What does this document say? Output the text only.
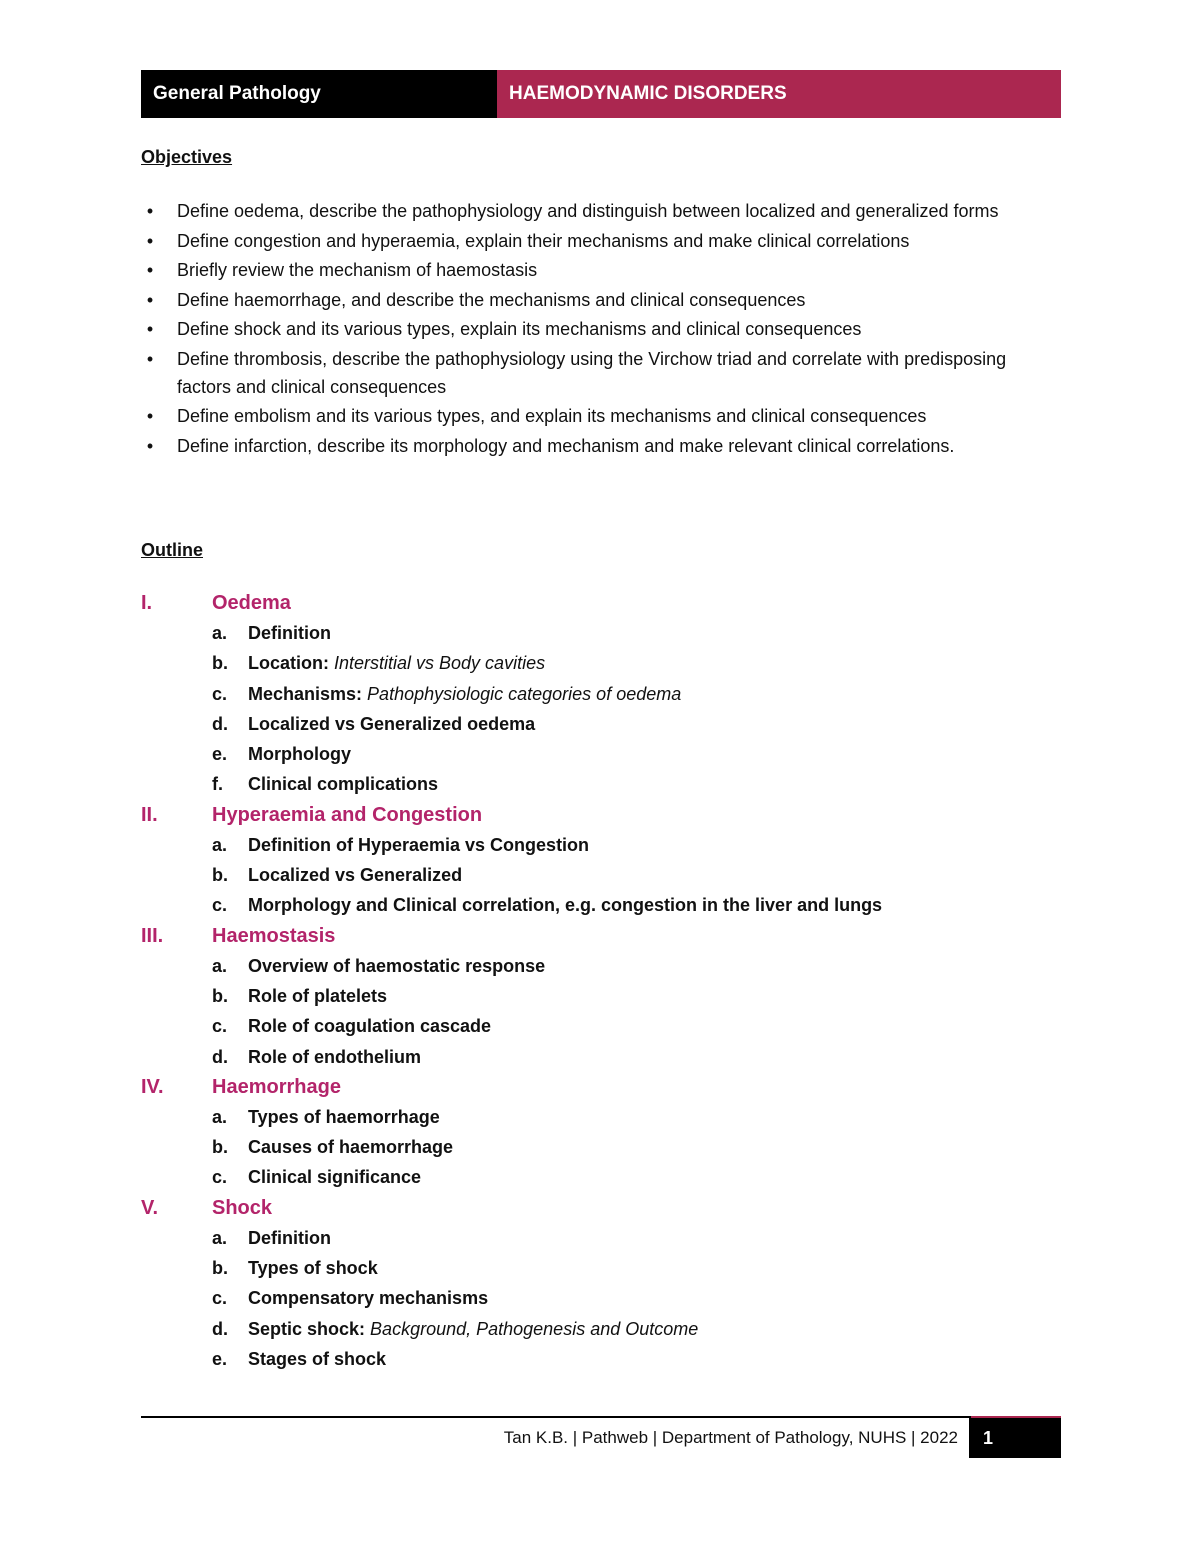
General Pathology	HAEMODYNAMIC DISORDERS
Objectives
• Define oedema, describe the pathophysiology and distinguish between localized and generalized forms
• Define congestion and hyperaemia, explain their mechanisms and make clinical correlations
• Briefly review the mechanism of haemostasis
• Define haemorrhage, and describe the mechanisms and clinical consequences
• Define shock and its various types, explain its mechanisms and clinical consequences
• Define thrombosis, describe the pathophysiology using the Virchow triad and correlate with predisposing factors and clinical consequences
• Define embolism and its various types, and explain its mechanisms and clinical consequences
• Define infarction, describe its morphology and mechanism and make relevant clinical correlations.
Outline
I.	Oedema
a.	Definition
b.	Location: Interstitial vs Body cavities
c.	Mechanisms: Pathophysiologic categories of oedema
d.	Localized vs Generalized oedema
e.	Morphology
f.	Clinical complications
II.	Hyperaemia and Congestion
a.	Definition of Hyperaemia vs Congestion
b.	Localized vs Generalized
c.	Morphology and Clinical correlation, e.g. congestion in the liver and lungs
III.	Haemostasis
a.	Overview of haemostatic response
b.	Role of platelets
c.	Role of coagulation cascade
d.	Role of endothelium
IV.	Haemorrhage
a.	Types of haemorrhage
b.	Causes of haemorrhage
c.	Clinical significance
V.	Shock
a.	Definition
b.	Types of shock
c.	Compensatory mechanisms
d.	Septic shock: Background, Pathogenesis and Outcome
e.	Stages of shock
Tan K.B. | Pathweb | Department of Pathology, NUHS | 2022	1
